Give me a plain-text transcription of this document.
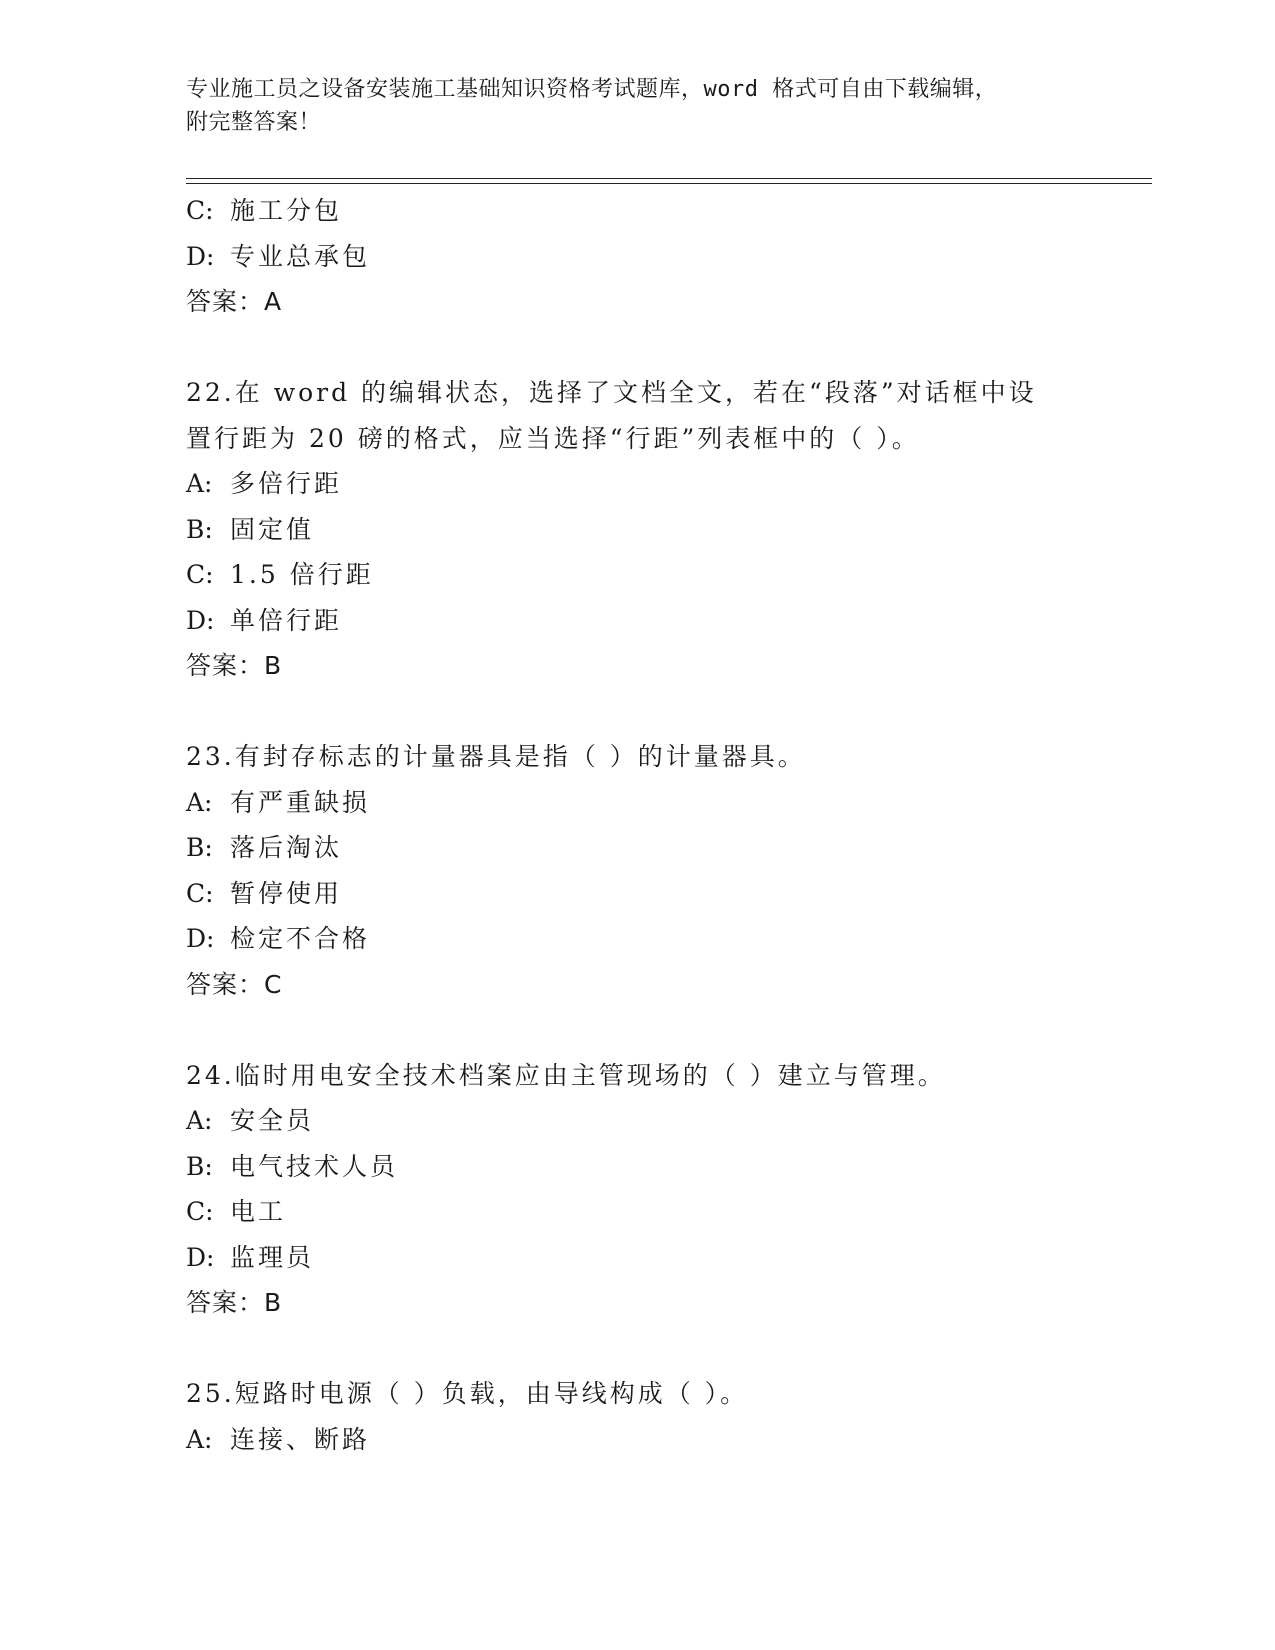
专业施工员之设备安装施工基础知识资格考试题库，word 格式可自由下载编辑，
附完整答案！
C: 施工分包
D: 专业总承包
答案：A
22.在 word 的编辑状态，选择了文档全文，若在“段落”对话框中设
置行距为 20 磅的格式，应当选择“行距”列表框中的（ ）。
A: 多倍行距
B: 固定值
C: 1.5 倍行距
D: 单倍行距
答案：B
23.有封存标志的计量器具是指（ ）的计量器具。
A: 有严重缺损
B: 落后淘汰
C: 暂停使用
D: 检定不合格
答案：C
24.临时用电安全技术档案应由主管现场的（ ）建立与管理。
A: 安全员
B: 电气技术人员
C: 电工
D: 监理员
答案：B
25.短路时电源（ ）负载，由导线构成（ ）。
A: 连接、断路
